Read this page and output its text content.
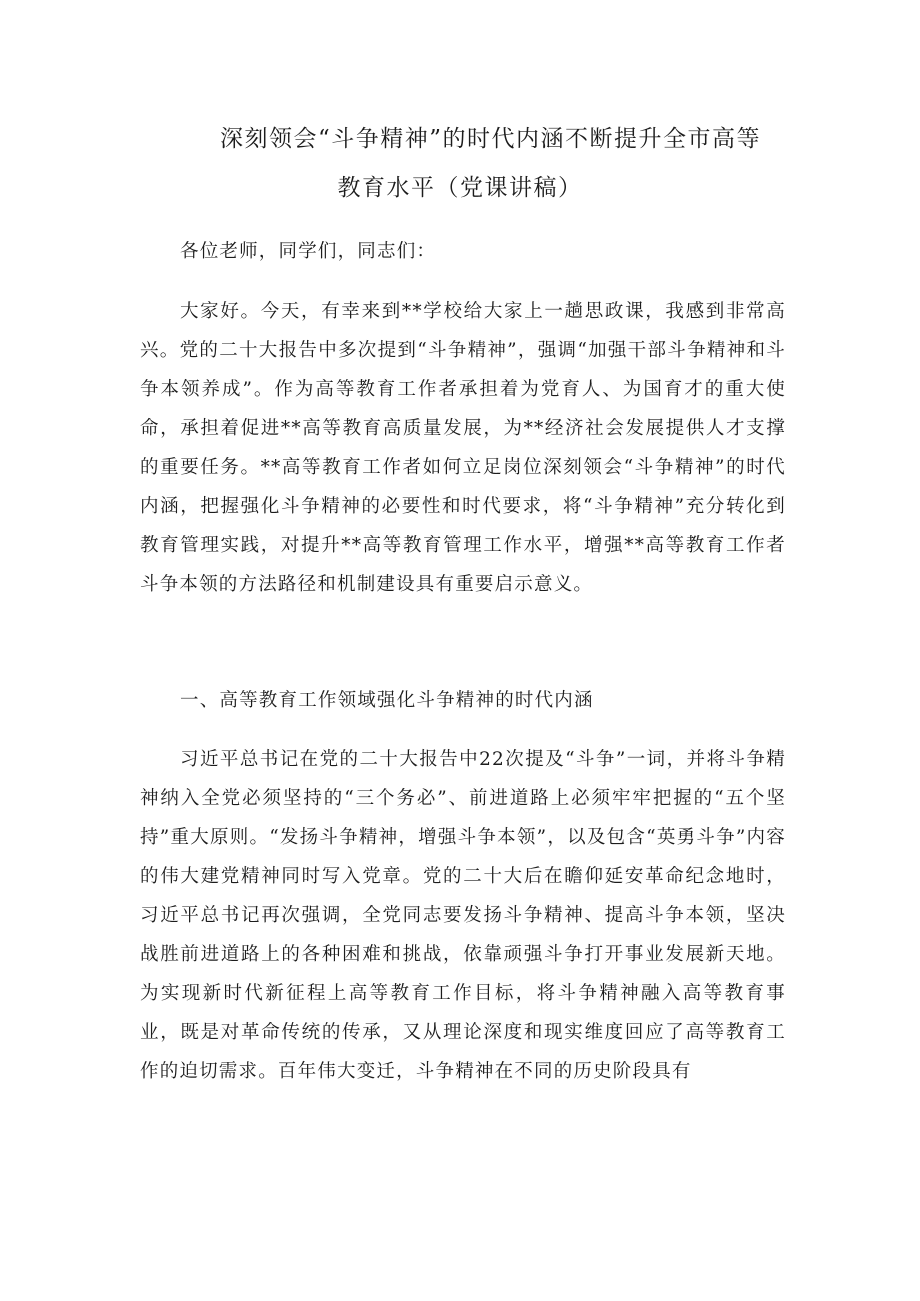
深刻领会“斗争精神”的时代内涵不断提升全市高等
教育水平（党课讲稿）

各位老师，同学们，同志们：

大家好。今天，有幸来到**学校给大家上一趟思政课，我感到非常高兴。党的二十大报告中多次提到“斗争精神”，强调“加强干部斗争精神和斗争本领养成”。作为高等教育工作者承担着为党育人、为国育才的重大使命，承担着促进**高等教育高质量发展，为**经济社会发展提供人才支撑的重要任务。**高等教育工作者如何立足岗位深刻领会“斗争精神”的时代内涵，把握强化斗争精神的必要性和时代要求，将“斗争精神”充分转化到教育管理实践，对提升**高等教育管理工作水平，增强**高等教育工作者斗争本领的方法路径和机制建设具有重要启示意义。

一、高等教育工作领域强化斗争精神的时代内涵

习近平总书记在党的二十大报告中22次提及“斗争”一词，并将斗争精神纳入全党必须坚持的“三个务必”、前进道路上必须牢牢把握的“五个坚持”重大原则。“发扬斗争精神，增强斗争本领”，以及包含“英勇斗争”内容的伟大建党精神同时写入党章。党的二十大后在瞻仰延安革命纪念地时，习近平总书记再次强调，全党同志要发扬斗争精神、提高斗争本领，坚决战胜前进道路上的各种困难和挑战，依靠顽强斗争打开事业发展新天地。为实现新时代新征程上高等教育工作目标，将斗争精神融入高等教育事业，既是对革命传统的传承，又从理论深度和现实维度回应了高等教育工作的迫切需求。百年伟大变迁，斗争精神在不同的历史阶段具有
